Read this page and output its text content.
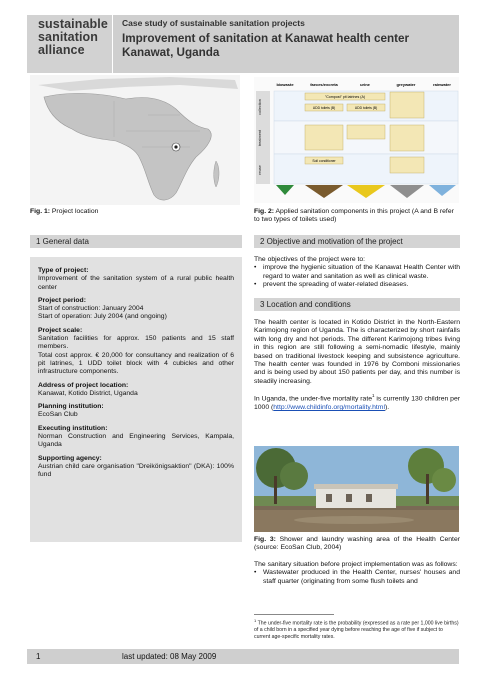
sustainable
sanitation
alliance
Case study of sustainable sanitation projects
Improvement of sanitation at Kanawat health center
Kanawat, Uganda
Fig. 1: Project location
collection
treatment
reuse
biowaste	faeces/excreta	urine	greywater	rainwater
"Compost" pit latrines (A)
UDD toilets (B)	UDD toilets (B)
Soil conditioner
Fig. 2: Applied sanitation components in this project (A and B refer to two types of toilets used)
1 General data	2 Objective and motivation of the project
Type of project:
Improvement of the sanitation system of a rural public health center
Project period:
Start of construction: January 2004
Start of operation: July 2004 (and ongoing)
Project scale:
Sanitation facilities for approx. 150 patients and 15 staff members.
Total cost approx. € 20,000 for consultancy and realization of 6 pit latrines, 1 UDD toilet block with 4 cubicles and other infrastructure components.
Address of project location:
Kanawat, Kotido District, Uganda
Planning institution:
EcoSan Club
Executing institution:
Norman Construction and Engineering Services, Kampala, Uganda
Supporting agency:
Austrian child care organisation "Dreikönigsaktion" (DKA): 100% fund
The objectives of the project were to:
• improve the hygienic situation of the Kanawat Health Center with regard to water and sanitation as well as clinical waste.
• prevent the spreading of water-related diseases.
3 Location and conditions
The health center is located in Kotido District in the North-Eastern Karimojong region of Uganda. The is characterized by short rainfalls with long dry and hot periods. The different Karimojong tribes living in this region are still following a semi-nomadic lifestyle, mainly based on traditional livestock keeping and subsistence agriculture. The health center was founded in 1976 by Comboni missionaries and is being used by about 150 patients per day, and this number is steadily increasing.
In Uganda, the under-five mortality rate$^1$ is currently 130 children per 1000 (http://www.childinfo.org/mortality.html).
Fig. 3: Shower and laundry washing area of the Health Center (source: EcoSan Club, 2004)
The sanitary situation before project implementation was as follows:
• Wastewater produced in the Health Center, nurses' houses and staff quarter (originating from some flush toilets and
$^1$ The under-five mortality rate is the probability (expressed as a rate per 1,000 live births) of a child born in a specified year dying before reaching the age of five if subject to current age-specific mortality rates.
1	last updated: 08 May 2009
